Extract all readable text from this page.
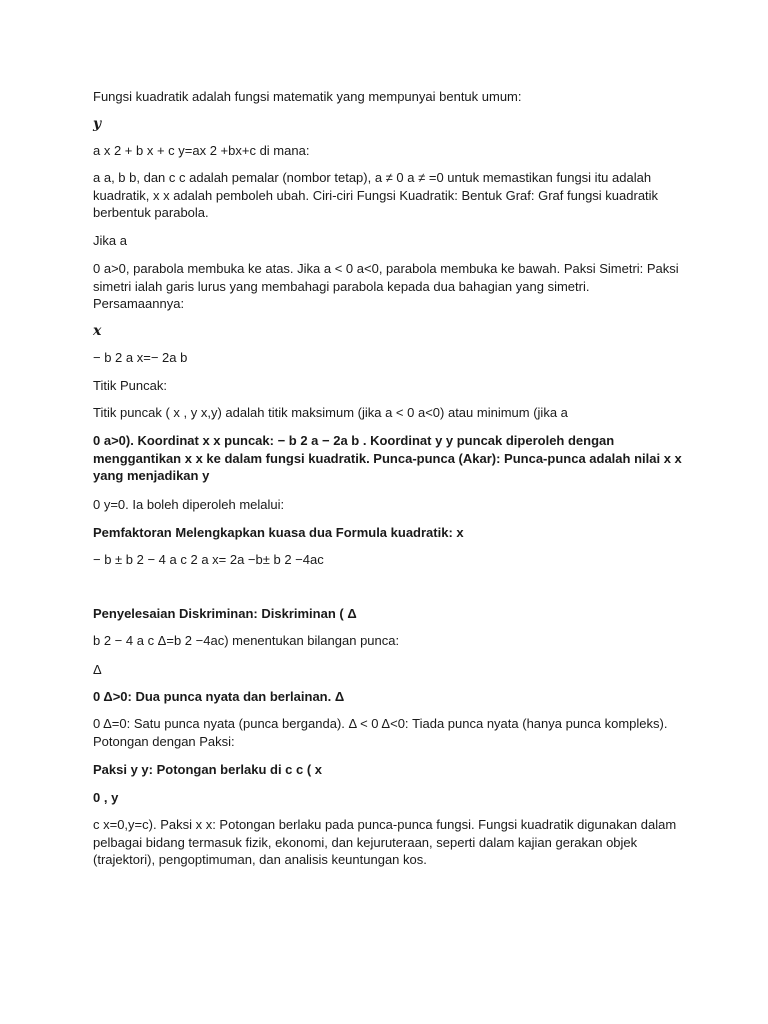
Fungsi kuadratik adalah fungsi matematik yang mempunyai bentuk umum:

y

a x 2 + b x + c y=ax 2 +bx+c di mana:

a a, b b, dan c c adalah pemalar (nombor tetap), a ≠ 0 a ≠ =0 untuk memastikan fungsi itu adalah kuadratik, x x adalah pemboleh ubah. Ciri-ciri Fungsi Kuadratik: Bentuk Graf: Graf fungsi kuadratik berbentuk parabola.

Jika a

0 a>0, parabola membuka ke atas. Jika a < 0 a<0, parabola membuka ke bawah. Paksi Simetri: Paksi simetri ialah garis lurus yang membahagi parabola kepada dua bahagian yang simetri. Persamaannya:

x

− b 2 a x=− 2a b

Titik Puncak:

Titik puncak ( x , y x,y) adalah titik maksimum (jika a < 0 a<0) atau minimum (jika a

0 a>0). Koordinat x x puncak: − b 2 a − 2a b . Koordinat y y puncak diperoleh dengan menggantikan x x ke dalam fungsi kuadratik. Punca-punca (Akar): Punca-punca adalah nilai x x yang menjadikan y

0 y=0. Ia boleh diperoleh melalui:

Pemfaktoran Melengkapkan kuasa dua Formula kuadratik: x

− b ± b 2 − 4 a c 2 a x= 2a −b± b 2 −4ac

Penyelesaian Diskriminan: Diskriminan ( Δ

b 2 − 4 a c Δ=b 2 −4ac) menentukan bilangan punca:

Δ

0 Δ>0: Dua punca nyata dan berlainan. Δ

0 Δ=0: Satu punca nyata (punca berganda). Δ < 0 Δ<0: Tiada punca nyata (hanya punca kompleks). Potongan dengan Paksi:

Paksi y y: Potongan berlaku di c c ( x

0 , y

c x=0,y=c). Paksi x x: Potongan berlaku pada punca-punca fungsi. Fungsi kuadratik digunakan dalam pelbagai bidang termasuk fizik, ekonomi, dan kejuruteraan, seperti dalam kajian gerakan objek (trajektori), pengoptimuman, dan analisis keuntungan kos.
